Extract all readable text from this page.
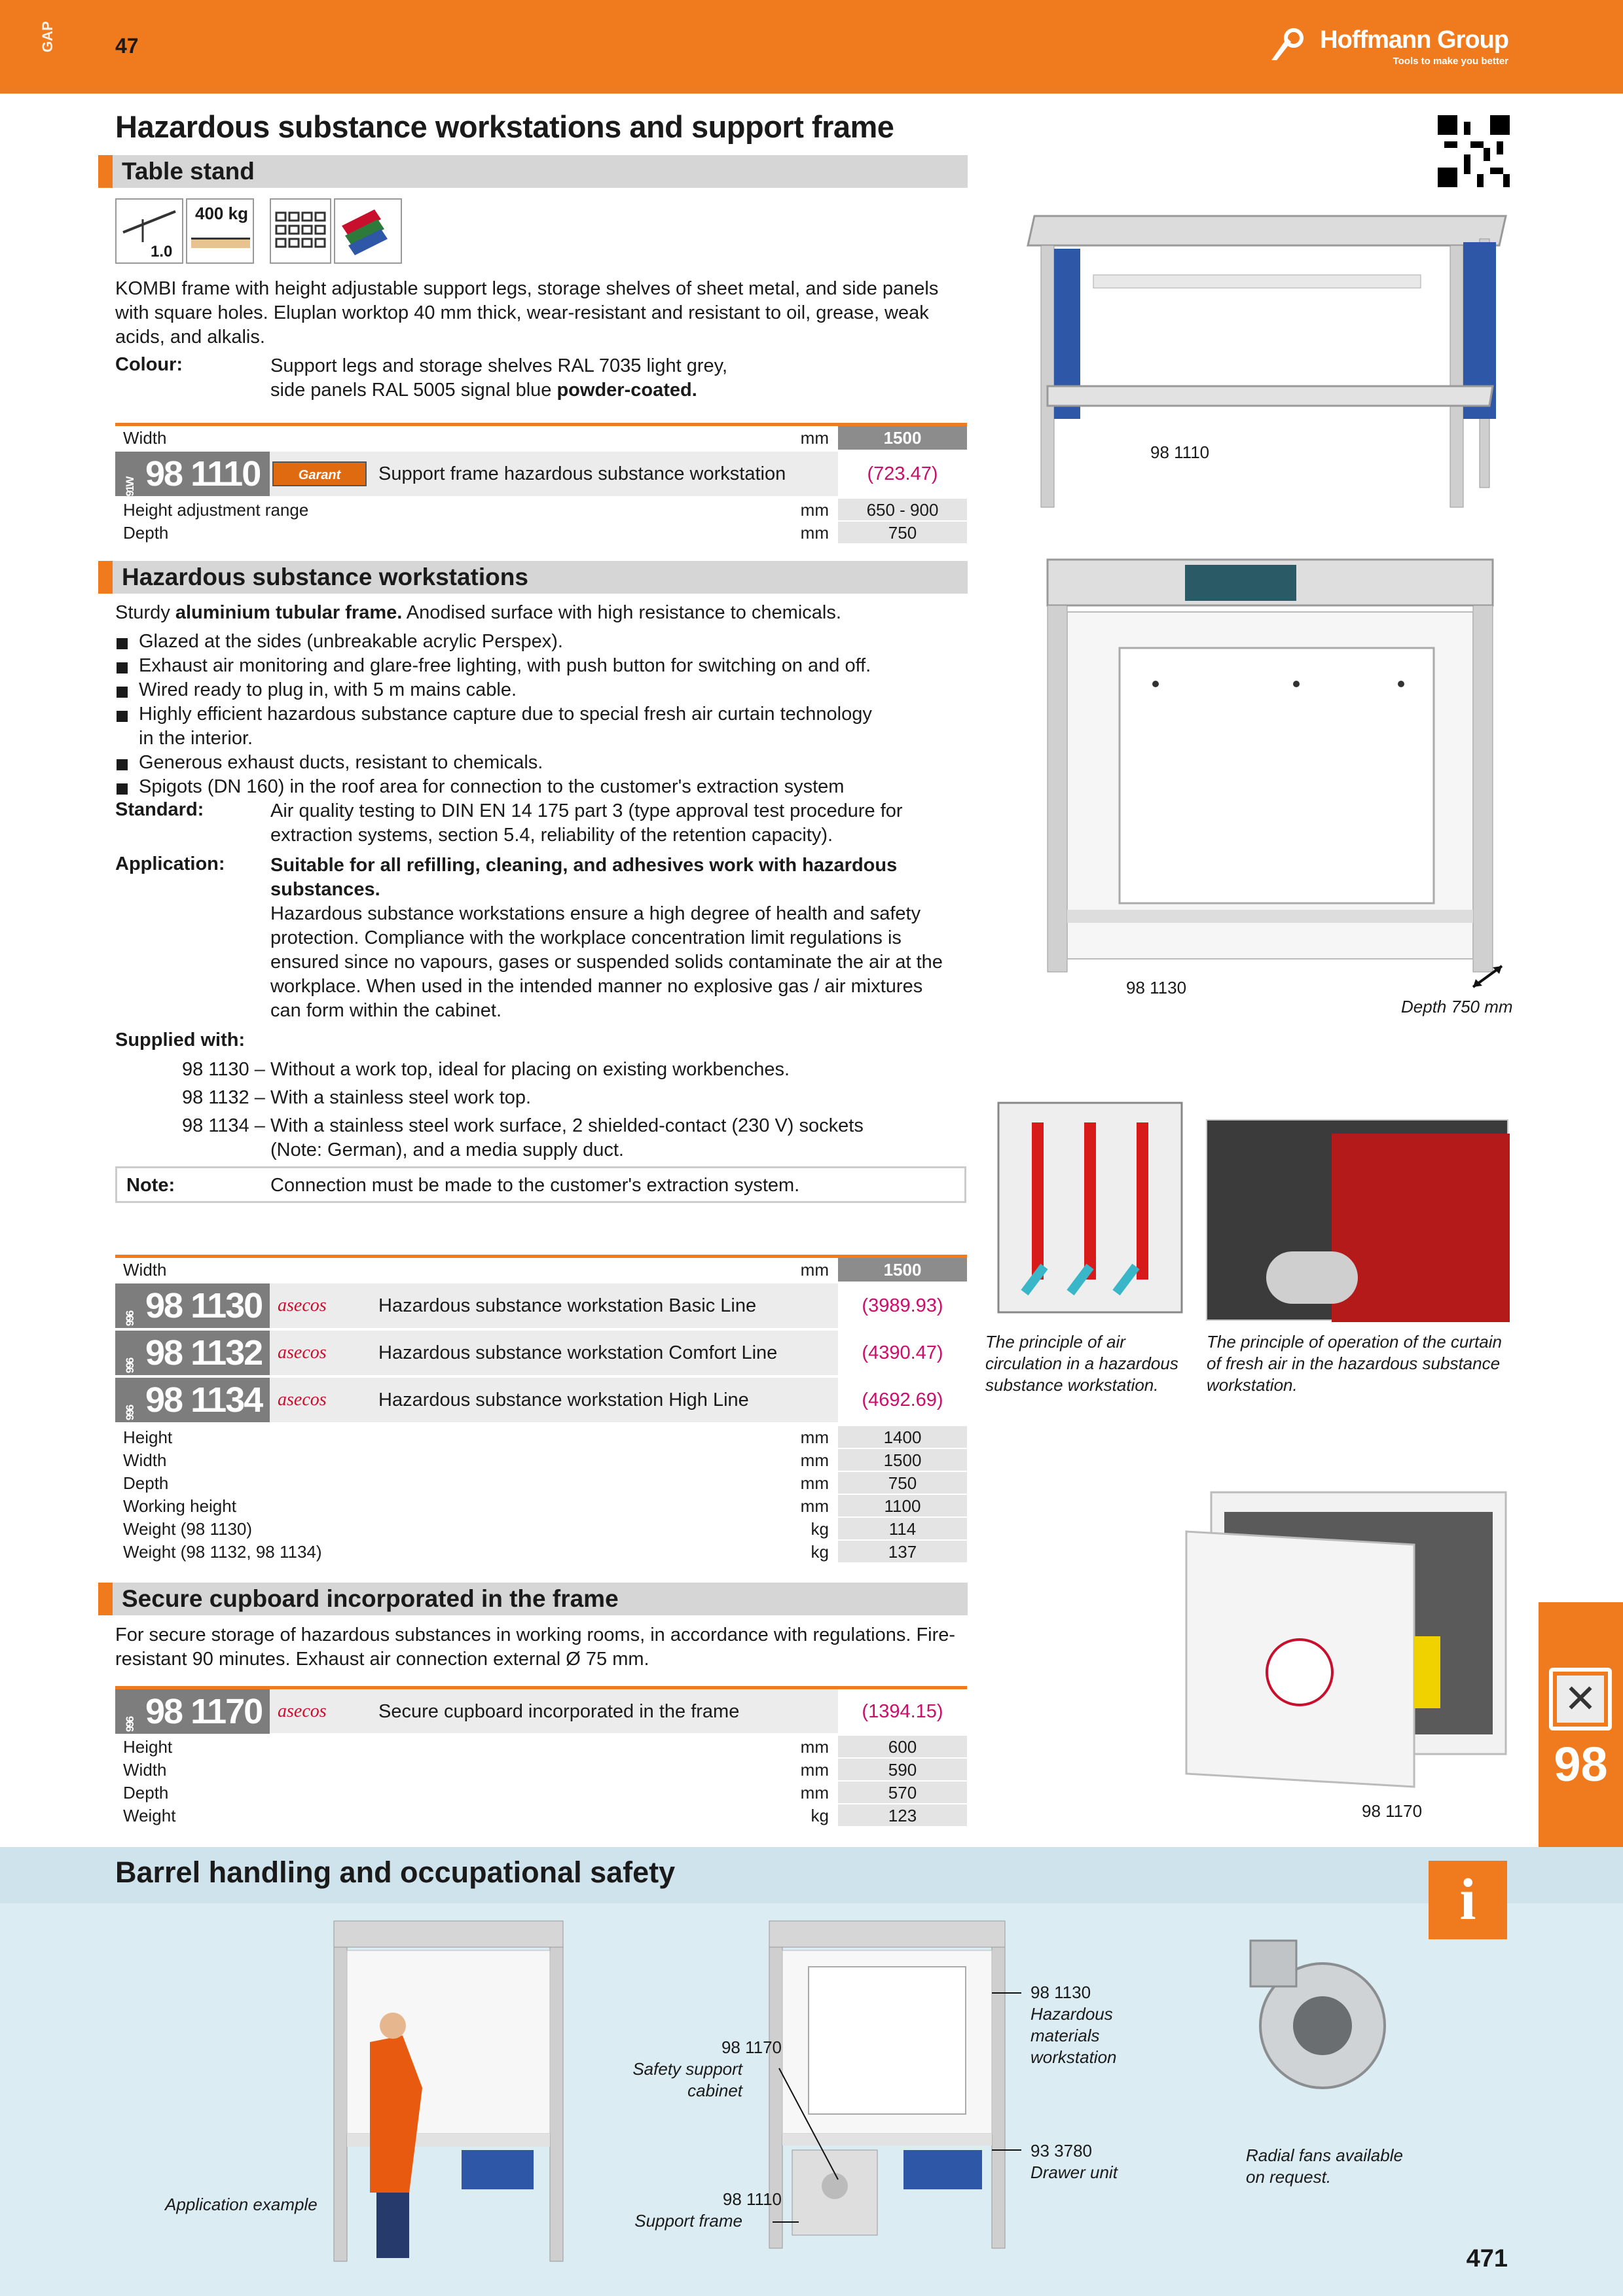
GAP	47	Hoffmann Group
Tools to make you better
Hazardous substance workstations and support frame
Table stand
1.0
400 kg
KOMBI frame with height adjustable support legs, storage shelves of sheet metal, and side panels with square holes. Eluplan worktop 40 mm thick, wear-resistant and resistant to oil, grease, weak acids, and alkalis.
Colour:	Support legs and storage shelves RAL 7035 light grey,
side panels RAL 5005 signal blue powder-coated.
Width	mm	1500
91W 98 1110	Garant	Support frame hazardous substance workstation	(723.47)
Height adjustment range	mm	650 - 900
Depth	mm	750
98 1110
Hazardous substance workstations
Sturdy aluminium tubular frame. Anodised surface with high resistance to chemicals.
Glazed at the sides (unbreakable acrylic Perspex).
Exhaust air monitoring and glare-free lighting, with push button for switching on and off.
Wired ready to plug in, with 5 m mains cable.
Highly efficient hazardous substance capture due to special fresh air curtain technology in the interior.
Generous exhaust ducts, resistant to chemicals.
Spigots (DN 160) in the roof area for connection to the customer's extraction system
Standard:	Air quality testing to DIN EN 14 175 part 3 (type approval test procedure for extraction systems, section 5.4, reliability of the retention capacity).
Application: Suitable for all refilling, cleaning, and adhesives work with hazardous substances.
Hazardous substance workstations ensure a high degree of health and safety protection. Compliance with the workplace concentration limit regulations is ensured since no vapours, gases or suspended solids contaminate the air at the workplace. When used in the intended manner no explosive gas / air mixtures can form within the cabinet.
Supplied with:
98 1130 – Without a work top, ideal for placing on existing workbenches.
98 1132 – With a stainless steel work top.
98 1134 – With a stainless steel work surface, 2 shielded-contact (230 V) sockets (Note: German), and a media supply duct.
Note:	Connection must be made to the customer's extraction system.
Width	mm	1500
996 98 1130 asecos	Hazardous substance workstation Basic Line	(3989.93)
996 98 1132 asecos	Hazardous substance workstation Comfort Line	(4390.47)
996 98 1134 asecos	Hazardous substance workstation High Line	(4692.69)
Height	mm	1400
Width	mm	1500
Depth	mm	750
Working height	mm	1100
Weight (98 1130)	kg	114
Weight (98 1132, 98 1134)	kg	137
98 1130
Depth 750 mm
The principle of air circulation in a hazardous substance workstation.
The principle of operation of the curtain of fresh air in the hazardous substance workstation.
Secure cupboard incorporated in the frame
For secure storage of hazardous substances in working rooms, in accordance with regulations. Fire-resistant 90 minutes. Exhaust air connection external Ø 75 mm.
996 98 1170 asecos	Secure cupboard incorporated in the frame	(1394.15)
Height	mm	600
Width	mm	590
Depth	mm	570
Weight	kg	123	98 1170
✕
98
Barrel handling and occupational safety	i
Application example
98 1130
Hazardous materials workstation
98 1170
Safety support cabinet
93 3780
Drawer unit
98 1110
Support frame
Radial fans available on request.
471
